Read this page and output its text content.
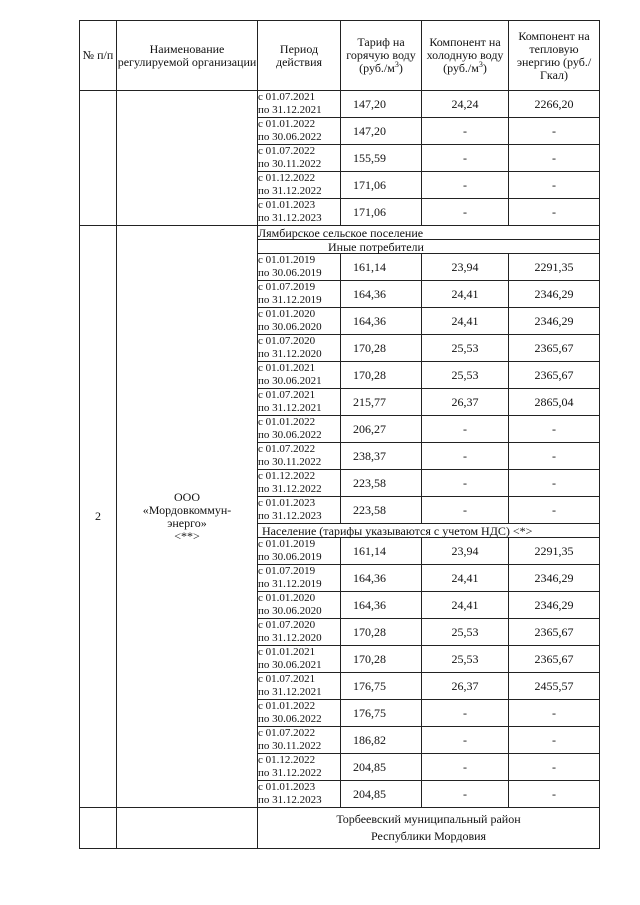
№ п/п	Наименование регулируемой организации	Период действия	Тариф на горячую воду $(руб./м^3)$	Компонент на холодную воду $(руб./м^3)$	Компонент на тепловую энергию (руб./Гкал)

		с 01.07.2021
по 31.12.2021	147,20	24,24	2266,20

		с 01.01.2022
по 30.06.2022	147,20	-	-

		с 01.07.2022
по 30.11.2022	155,59	-	-

		с 01.12.2022
по 31.12.2022	171,06	-	-

		с 01.01.2023
по 31.12.2023	171,06	-	-
2	ООО
«Мордовкоммун-
энерго»
<**>	Лямбирское сельское поселение			
		Иные потребители			

		с 01.01.2019
по 30.06.2019	161,14	23,94	2291,35

		с 01.07.2019
по 31.12.2019	164,36	24,41	2346,29

		с 01.01.2020
по 30.06.2020	164,36	24,41	2346,29

		с 01.07.2020
по 31.12.2020	170,28	25,53	2365,67

		с 01.01.2021
по 30.06.2021	170,28	25,53	2365,67

		с 01.07.2021
по 31.12.2021	215,77	26,37	2865,04

		с 01.01.2022
по 30.06.2022	206,27	-	-

		с 01.07.2022
по 30.11.2022	238,37	-	-

		с 01.12.2022
по 31.12.2022	223,58	-	-

		с 01.01.2023
по 31.12.2023	223,58	-	-
		Население (тарифы указываются с учетом НДС) <*>			

		с 01.01.2019
по 30.06.2019	161,14	23,94	2291,35

		с 01.07.2019
по 31.12.2019	164,36	24,41	2346,29

		с 01.01.2020
по 30.06.2020	164,36	24,41	2346,29

		с 01.07.2020
по 31.12.2020	170,28	25,53	2365,67

		с 01.01.2021
по 30.06.2021	170,28	25,53	2365,67

		с 01.07.2021
по 31.12.2021	176,75	26,37	2455,57

		с 01.01.2022
по 30.06.2022	176,75	-	-

		с 01.07.2022
по 30.11.2022	186,82	-	-

		с 01.12.2022
по 31.12.2022	204,85	-	-

		с 01.01.2023
по 31.12.2023	204,85	-	-

		Торбеевский муниципальный район
Республики Мордовия			
